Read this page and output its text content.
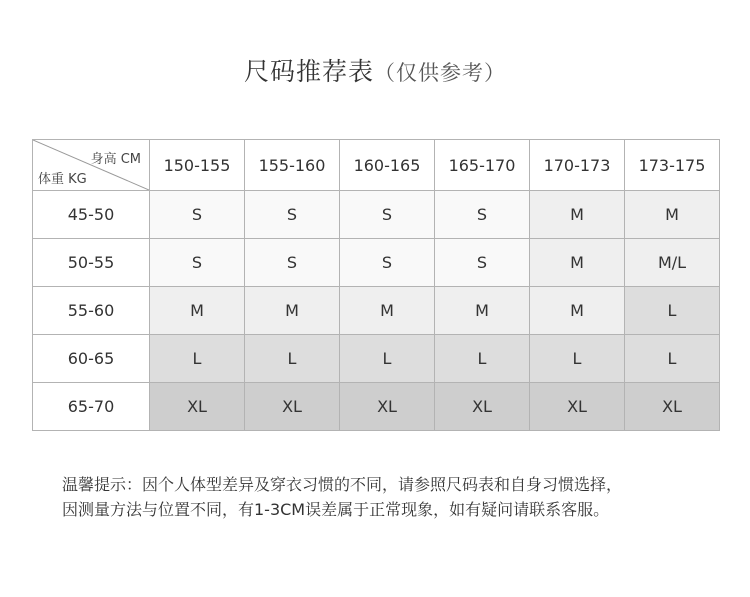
尺码推荐表（仅供参考）
身高 CM
体重 KG	150-155	155-160	160-165	165-170	170-173	173-175
45-50	S	S	S	S	M	M
50-55	S	S	S	S	M	M/L
55-60	M	M	M	M	M	L
60-65	L	L	L	L	L	L
65-70	XL	XL	XL	XL	XL	XL
温馨提示：因个人体型差异及穿衣习惯的不同，请参照尺码表和自身习惯选择，
因测量方法与位置不同，有1-3CM误差属于正常现象，如有疑问请联系客服。
